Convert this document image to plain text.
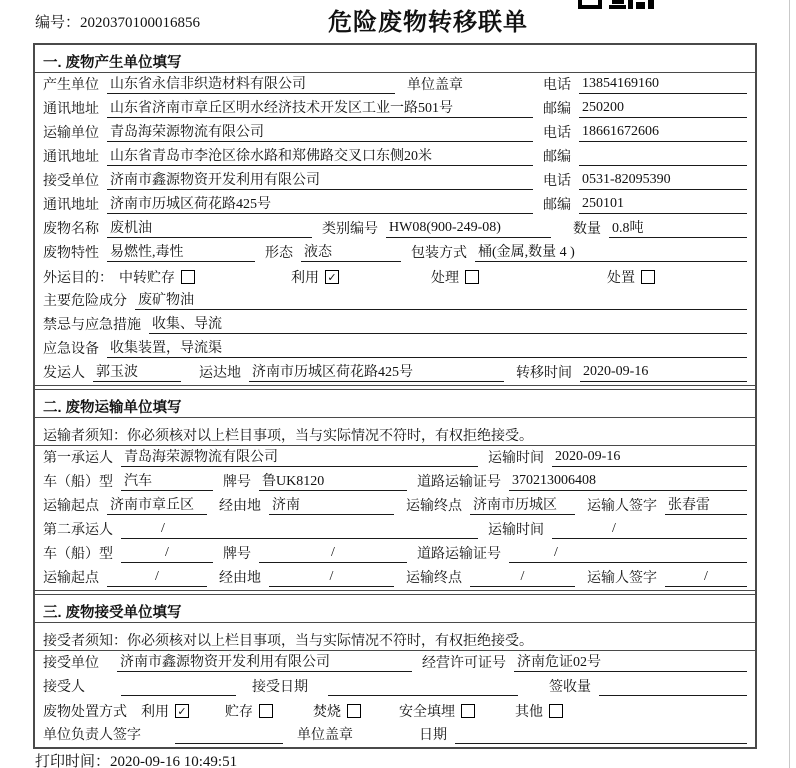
编号：2020370100016856	危险废物转移联单
一. 废物产生单位填写
产生单位 山东省永信非织造材料有限公司	单位盖章	电话 13854169160
通讯地址 山东省济南市章丘区明水经济技术开发区工业一路501号	邮编 250200
运输单位 青岛海荣源物流有限公司	电话 18661672606
通讯地址 山东省青岛市李沧区徐水路和郑佛路交叉口东侧20米	邮编
接受单位 济南市鑫源物资开发利用有限公司	电话 0531-82095390
通讯地址 济南市历城区荷花路425号	邮编 250101
废物名称 废机油	类别编号 HW08(900-249-08)	数量 0.8吨
废物特性 易燃性,毒性	形态 液态	包装方式 桶(金属,数量 4 )
外运目的： 中转贮存	利用 ✓	处理	处置
主要危险成分 废矿物油
禁忌与应急措施 收集、导流
应急设备 收集装置，导流渠
发运人 郭玉波	运达地 济南市历城区荷花路425号	转移时间 2020-09-16
二. 废物运输单位填写
运输者须知：你必须核对以上栏目事项，当与实际情况不符时，有权拒绝接受。
第一承运人 青岛海荣源物流有限公司	运输时间 2020-09-16
车（船）型 汽车	牌号 鲁UK8120	道路运输证号 370213006408
运输起点 济南市章丘区	经由地 济南	运输终点 济南市历城区	运输人签字 张春雷
第二承运人	/	运输时间	/
车（船）型	/	牌号	/	道路运输证号	/
运输起点	/	经由地	/	运输终点	/	运输人签字	/
三. 废物接受单位填写
接受者须知：你必须核对以上栏目事项，当与实际情况不符时，有权拒绝接受。
接受单位 济南市鑫源物资开发利用有限公司	经营许可证号 济南危证02号
接受人	接受日期	签收量
废物处置方式 利用 ✓	贮存	焚烧	安全填埋	其他
单位负责人签字	单位盖章	日期
打印时间：2020-09-16 10:49:51
